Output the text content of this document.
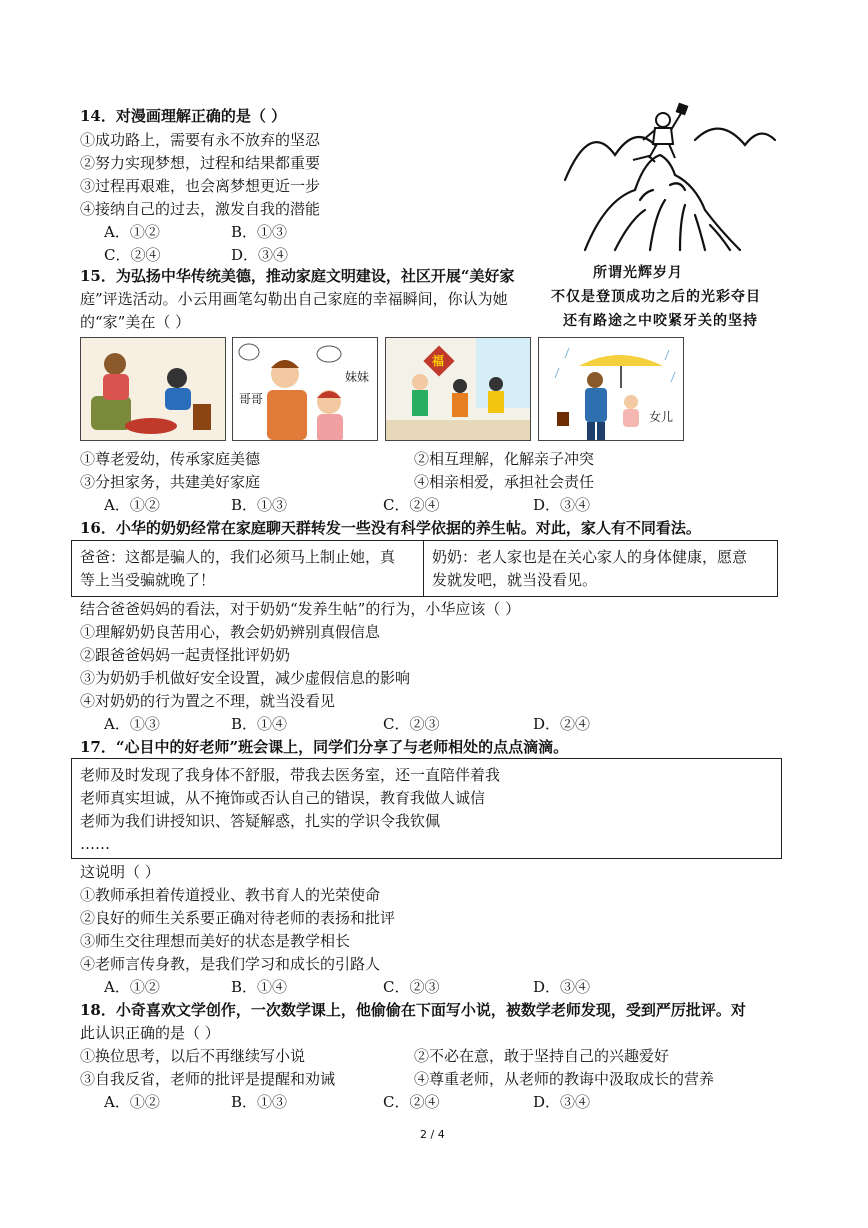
14．对漫画理解正确的是（ ）
①成功路上，需要有永不放弃的坚忍
②努力实现梦想，过程和结果都重要
③过程再艰难，也会离梦想更近一步
④接纳自己的过去，激发自我的潜能
A．①②	B．①③
C．②④	D．③④
所谓光辉岁月
不仅是登顶成功之后的光彩夺目
还有路途之中咬紧牙关的坚持
15．为弘扬中华传统美德，推动家庭文明建设，社区开展“美好家
庭”评选活动。小云用画笔勾勒出自己家庭的幸福瞬间，你认为她
的“家”美在（ ）
哥哥
妹妹
福
女儿
①尊老爱幼，传承家庭美德	②相互理解，化解亲子冲突
③分担家务，共建美好家庭	④相亲相爱，承担社会责任
A．①②	B．①③	C．②④	D．③④
16．小华的奶奶经常在家庭聊天群转发一些没有科学依据的养生帖。对此，家人有不同看法。
爸爸：这都是骗人的，我们必须马上制止她，真
等上当受骗就晚了！
奶奶：老人家也是在关心家人的身体健康，愿意
发就发吧，就当没看见。
结合爸爸妈妈的看法，对于奶奶“发养生帖”的行为，小华应该（ ）
①理解奶奶良苦用心，教会奶奶辨别真假信息
②跟爸爸妈妈一起责怪批评奶奶
③为奶奶手机做好安全设置，减少虚假信息的影响
④对奶奶的行为置之不理，就当没看见
A．①③	B．①④	C．②③	D．②④
17．“心目中的好老师”班会课上，同学们分享了与老师相处的点点滴滴。
老师及时发现了我身体不舒服，带我去医务室，还一直陪伴着我
老师真实坦诚，从不掩饰或否认自己的错误，教育我做人诚信
老师为我们讲授知识、答疑解惑，扎实的学识令我钦佩
……
这说明（ ）
①教师承担着传道授业、教书育人的光荣使命
②良好的师生关系要正确对待老师的表扬和批评
③师生交往理想而美好的状态是教学相长
④老师言传身教，是我们学习和成长的引路人
A．①②	B．①④	C．②③	D．③④
18．小奇喜欢文学创作，一次数学课上，他偷偷在下面写小说，被数学老师发现，受到严厉批评。对
此认识正确的是（ ）
①换位思考，以后不再继续写小说	②不必在意，敢于坚持自己的兴趣爱好
③自我反省，老师的批评是提醒和劝诫	④尊重老师，从老师的教诲中汲取成长的营养
A．①②	B．①③	C．②④	D．③④
2 / 4
